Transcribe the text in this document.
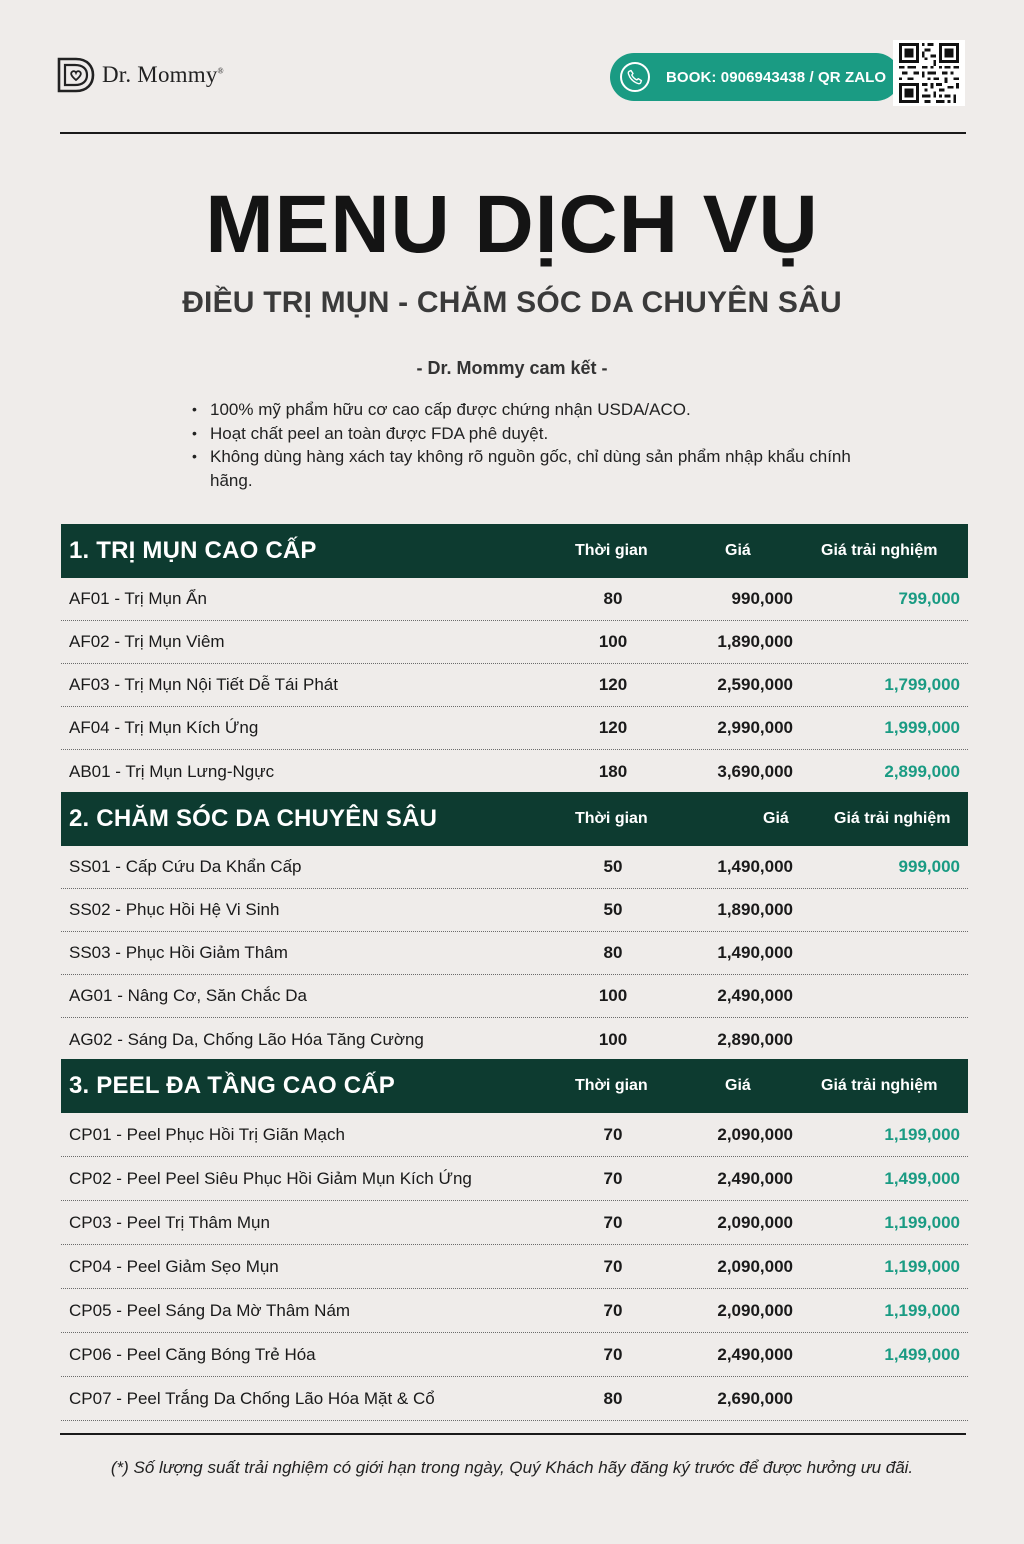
Dr. Mommy®	BOOK: 0906943438 / QR ZALO
MENU DỊCH VỤ
ĐIỀU TRỊ MỤN - CHĂM SÓC DA CHUYÊN SÂU
- Dr. Mommy cam kết -
• 100% mỹ phẩm hữu cơ cao cấp được chứng nhận USDA/ACO.
• Hoạt chất peel an toàn được FDA phê duyệt.
• Không dùng hàng xách tay không rõ nguồn gốc, chỉ dùng sản phẩm nhập khẩu chính hãng.
1. TRỊ MỤN CAO CẤP	Thời gian	Giá	Giá trải nghiệm
AF01 - Trị Mụn Ẩn	80	990,000	799,000
AF02 - Trị Mụn Viêm	100	1,890,000
AF03 - Trị Mụn Nội Tiết Dễ Tái Phát	120	2,590,000	1,799,000
AF04 - Trị Mụn Kích Ứng	120	2,990,000	1,999,000
AB01 - Trị Mụn Lưng-Ngực	180	3,690,000	2,899,000
2. CHĂM SÓC DA CHUYÊN SÂU	Thời gian	Giá	Giá trải nghiệm
SS01 - Cấp Cứu Da Khẩn Cấp	50	1,490,000	999,000
SS02 - Phục Hồi Hệ Vi Sinh	50	1,890,000
SS03 - Phục Hồi Giảm Thâm	80	1,490,000
AG01 - Nâng Cơ, Săn Chắc Da	100	2,490,000
AG02 - Sáng Da, Chống Lão Hóa Tăng Cường	100	2,890,000
3. PEEL ĐA TẦNG CAO CẤP	Thời gian	Giá	Giá trải nghiệm
CP01 - Peel Phục Hồi Trị Giãn Mạch	70	2,090,000	1,199,000
CP02 - Peel Peel Siêu Phục Hồi Giảm Mụn Kích Ứng	70	2,490,000	1,499,000
CP03 - Peel Trị Thâm Mụn	70	2,090,000	1,199,000
CP04 - Peel Giảm Sẹo Mụn	70	2,090,000	1,199,000
CP05 - Peel Sáng Da Mờ Thâm Nám	70	2,090,000	1,199,000
CP06 - Peel Căng Bóng Trẻ Hóa	70	2,490,000	1,499,000
CP07 - Peel Trắng Da Chống Lão Hóa Mặt & Cổ	80	2,690,000
(*) Số lượng suất trải nghiệm có giới hạn trong ngày, Quý Khách hãy đăng ký trước để được hưởng ưu đãi.
